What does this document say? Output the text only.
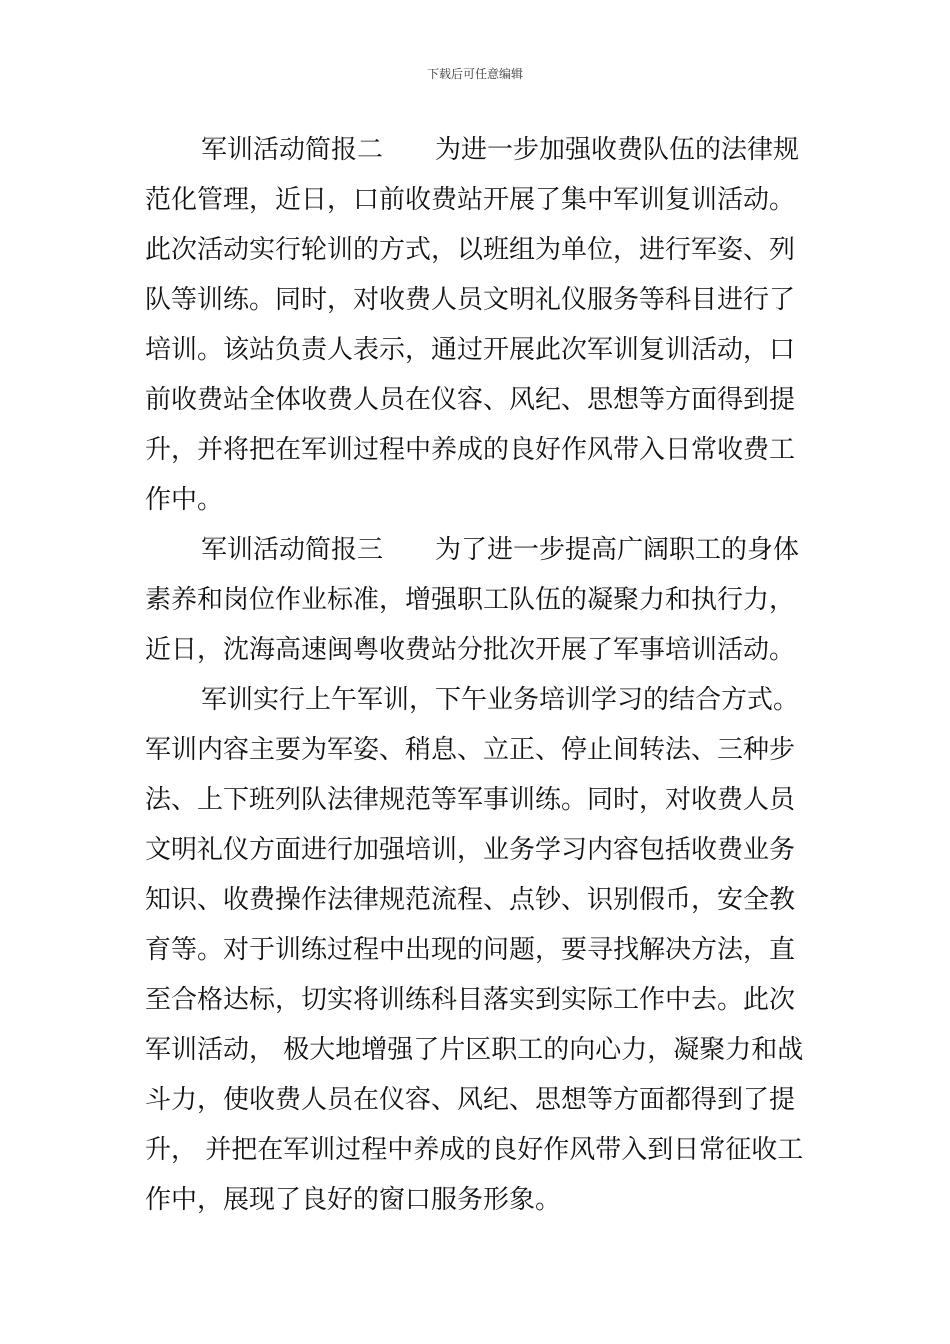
下载后可任意编辑
军训活动简报二　　为进一步加强收费队伍的法律规
范化管理，近日，口前收费站开展了集中军训复训活动。
此次活动实行轮训的方式，以班组为单位，进行军姿、列
队等训练。同时，对收费人员文明礼仪服务等科目进行了
培训。该站负责人表示，通过开展此次军训复训活动，口
前收费站全体收费人员在仪容、风纪、思想等方面得到提
升，并将把在军训过程中养成的良好作风带入日常收费工
作中。
军训活动简报三　　为了进一步提高广阔职工的身体
素养和岗位作业标准，增强职工队伍的凝聚力和执行力，
近日，沈海高速闽粤收费站分批次开展了军事培训活动。
军训实行上午军训，下午业务培训学习的结合方式。
军训内容主要为军姿、稍息、立正、停止间转法、三种步
法、上下班列队法律规范等军事训练。同时，对收费人员
文明礼仪方面进行加强培训，业务学习内容包括收费业务
知识、收费操作法律规范流程、点钞、识别假币，安全教
育等。对于训练过程中出现的问题，要寻找解决方法，直
至合格达标，切实将训练科目落实到实际工作中去。此次
军训活动， 极大地增强了片区职工的向心力，凝聚力和战
斗力，使收费人员在仪容、风纪、思想等方面都得到了提
升， 并把在军训过程中养成的良好作风带入到日常征收工
作中，展现了良好的窗口服务形象。
